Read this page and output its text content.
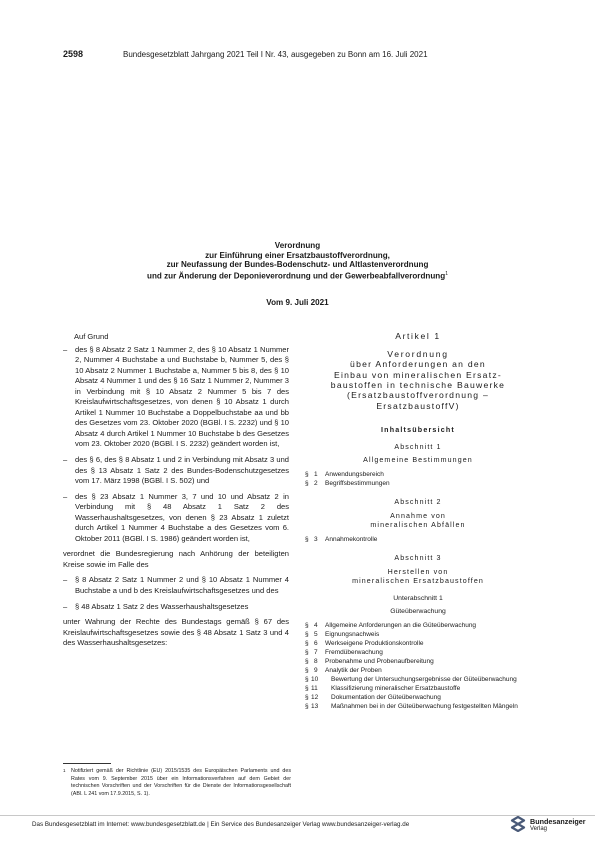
2598	Bundesgesetzblatt Jahrgang 2021 Teil I Nr. 43, ausgegeben zu Bonn am 16. Juli 2021
Verordnung
zur Einführung einer Ersatzbaustoffverordnung,
zur Neufassung der Bundes-Bodenschutz- und Altlastenverordnung
und zur Änderung der Deponieverordnung und der Gewerbeabfallverordnung$^1$
Vom 9. Juli 2021

Auf Grund

– des § 8 Absatz 2 Satz 1 Nummer 2, des § 10 Absatz 1 Nummer 2, Nummer 4 Buchstabe a und Buchstabe b, Nummer 5, des § 10 Absatz 2 Nummer 1 Buchstabe a, Nummer 5 bis 8, des § 10 Absatz 4 Nummer 1 und des § 16 Satz 1 Nummer 2, Nummer 3 in Verbindung mit § 10 Absatz 2 Nummer 5 bis 7 des Kreislaufwirtschaftsgesetzes, von denen § 10 Absatz 1 durch Artikel 1 Nummer 10 Buchstabe a Doppelbuchstabe aa und bb des Gesetzes vom 23. Oktober 2020 (BGBl. I S. 2232) und § 10 Absatz 4 durch Artikel 1 Nummer 10 Buchstabe b des Gesetzes vom 23. Oktober 2020 (BGBl. I S. 2232) geändert worden ist,
– des § 6, des § 8 Absatz 1 und 2 in Verbindung mit Absatz 3 und des § 13 Absatz 1 Satz 2 des Bundes-Bodenschutzgesetzes vom 17. März 1998 (BGBl. I S. 502) und
– des § 23 Absatz 1 Nummer 3, 7 und 10 und Absatz 2 in Verbindung mit § 48 Absatz 1 Satz 2 des Wasserhaushaltsgesetzes, von denen § 23 Absatz 1 zuletzt durch Artikel 1 Nummer 4 Buchstabe a des Gesetzes vom 6. Oktober 2011 (BGBl. I S. 1986) geändert worden ist,

verordnet die Bundesregierung nach Anhörung der beteiligten Kreise sowie im Falle des

– § 8 Absatz 2 Satz 1 Nummer 2 und § 10 Absatz 1 Nummer 4 Buchstabe a und b des Kreislaufwirtschaftsgesetzes und des
– § 48 Absatz 1 Satz 2 des Wasserhaushaltsgesetzes

unter Wahrung der Rechte des Bundestags gemäß § 67 des Kreislaufwirtschaftsgesetzes sowie des § 48 Absatz 1 Satz 3 und 4 des Wasserhaushaltsgesetzes:

1	Notifiziert gemäß der Richtlinie (EU) 2015/1535 des Europäischen Parlaments und des Rates vom 9. September 2015 über ein Informationsverfahren auf dem Gebiet der technischen Vorschriften und der Vorschriften für die Dienste der Informationsgesellschaft (ABl. L 241 vom 17.9.2015, S. 1).
Artikel 1
Verordnung
über Anforderungen an den
Einbau von mineralischen Ersatz-
baustoffen in technische Bauwerke
(Ersatzbaustoffverordnung –
ErsatzbaustoffV)
Inhaltsübersicht
Abschnitt 1
Allgemeine Bestimmungen
§ 1 Anwendungsbereich
§ 2 Begriffsbestimmungen
Abschnitt 2
Annahme von
mineralischen Abfällen
§ 3 Annahmekontrolle
Abschnitt 3
Herstellen von
mineralischen Ersatzbaustoffen
Unterabschnitt 1
Güteüberwachung
§ 4 Allgemeine Anforderungen an die Güteüberwachung
§ 5 Eignungsnachweis
§ 6 Werkseigene Produktionskontrolle
§ 7 Fremdüberwachung
§ 8 Probenahme und Probenaufbereitung
§ 9 Analytik der Proben
§ 10 Bewertung der Untersuchungsergebnisse der Güteüberwachung
§ 11 Klassifizierung mineralischer Ersatzbaustoffe
§ 12 Dokumentation der Güteüberwachung
§ 13 Maßnahmen bei in der Güteüberwachung festgestellten Mängeln
Das Bundesgesetzblatt im Internet: www.bundesgesetzblatt.de | Ein Service des Bundesanzeiger Verlag www.bundesanzeiger-verlag.de	Bundesanzeiger
Verlag
